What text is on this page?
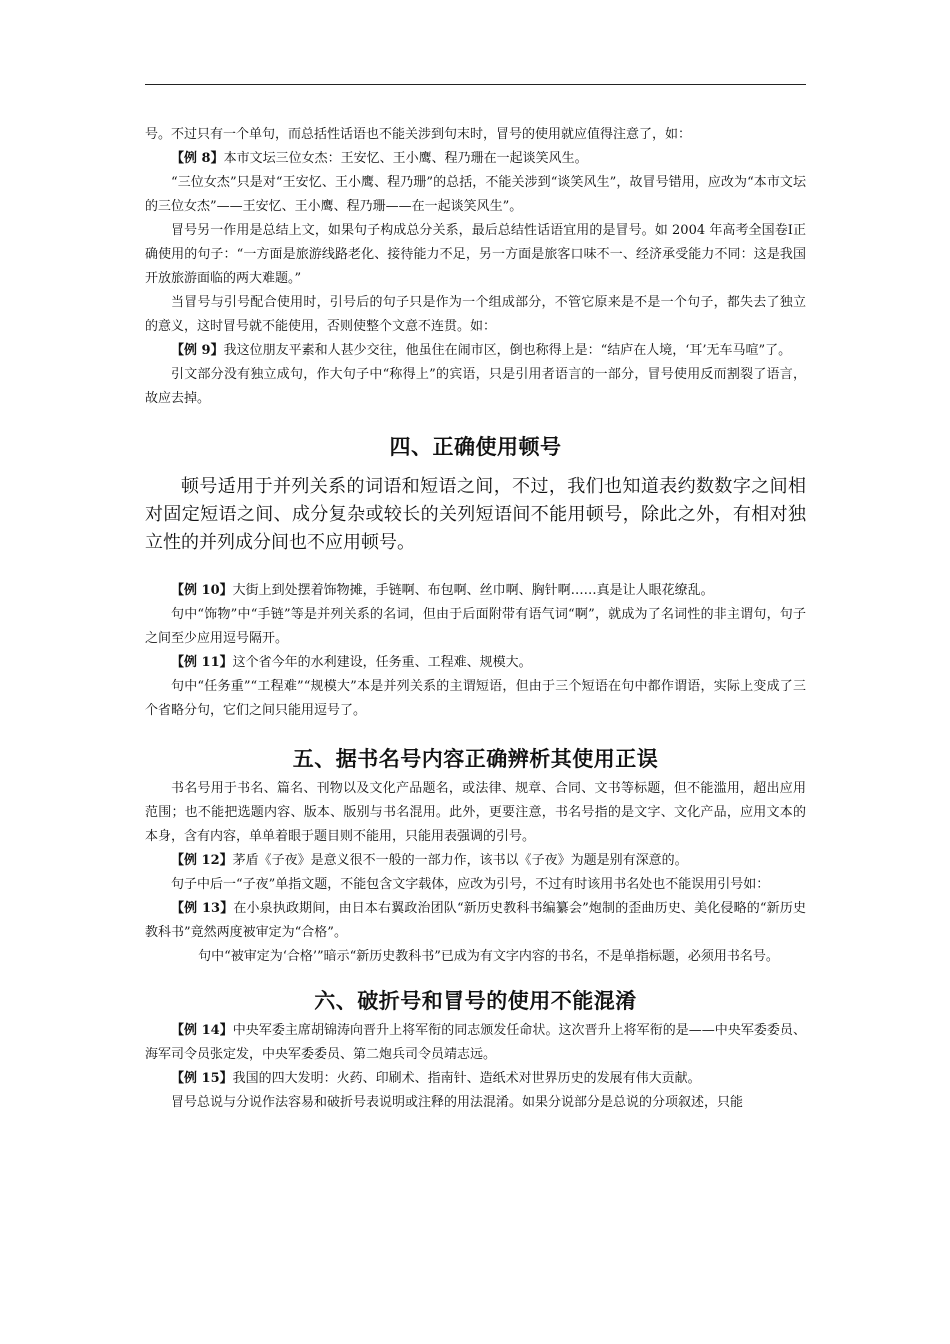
号。不过只有一个单句，而总括性话语也不能关涉到句末时，冒号的使用就应值得注意了，如：

【例 8】本市文坛三位女杰：王安忆、王小鹰、程乃珊在一起谈笑风生。

“三位女杰”只是对“王安忆、王小鹰、程乃珊”的总括，不能关涉到“谈笑风生”，故冒号错用，应改为“本市文坛的三位女杰”——王安忆、王小鹰、程乃珊——在一起谈笑风生”。

冒号另一作用是总结上文，如果句子构成总分关系，最后总结性话语宜用的是冒号。如 2004 年高考全国卷Ⅰ正确使用的句子：“一方面是旅游线路老化、接待能力不足，另一方面是旅客口味不一、经济承受能力不同：这是我国开放旅游面临的两大难题。”

当冒号与引号配合使用时，引号后的句子只是作为一个组成部分，不管它原来是不是一个句子，都失去了独立的意义，这时冒号就不能使用，否则使整个文意不连贯。如：

【例 9】我这位朋友平素和人甚少交往，他虽住在闹市区，倒也称得上是：“结庐在人境，‘耳’无车马喧”了。

引文部分没有独立成句，作大句子中“称得上”的宾语，只是引用者语言的一部分，冒号使用反而割裂了语言，故应去掉。

四、正确使用顿号

顿号适用于并列关系的词语和短语之间，不过，我们也知道表约数数字之间相对固定短语之间、成分复杂或较长的关列短语间不能用顿号，除此之外，有相对独立性的并列成分间也不应用顿号。

【例 10】大街上到处摆着饰物摊，手链啊、布包啊、丝巾啊、胸针啊……真是让人眼花缭乱。

句中“饰物”中“手链”等是并列关系的名词，但由于后面附带有语气词“啊”，就成为了名词性的非主谓句，句子之间至少应用逗号隔开。

【例 11】这个省今年的水利建设，任务重、工程难、规模大。

句中“任务重”“工程难”“规模大”本是并列关系的主谓短语，但由于三个短语在句中都作谓语，实际上变成了三个省略分句，它们之间只能用逗号了。

五、据书名号内容正确辨析其使用正误

书名号用于书名、篇名、刊物以及文化产品题名，或法律、规章、合同、文书等标题，但不能滥用，超出应用范围；也不能把选题内容、版本、版别与书名混用。此外，更要注意，书名号指的是文字、文化产品，应用文本的本身，含有内容，单单着眼于题目则不能用，只能用表强调的引号。

【例 12】茅盾《子夜》是意义很不一般的一部力作，该书以《子夜》为题是别有深意的。

句子中后一“子夜”单指文题，不能包含文字载体，应改为引号，不过有时该用书名处也不能误用引号如：

【例 13】在小泉执政期间，由日本右翼政治团队“新历史教科书编纂会”炮制的歪曲历史、美化侵略的“新历史教科书”竟然两度被审定为“合格”。

句中“被审定为‘合格’”暗示“新历史教科书”已成为有文字内容的书名，不是单指标题，必须用书名号。

六、破折号和冒号的使用不能混淆

【例 14】中央军委主席胡锦涛向晋升上将军衔的同志颁发任命状。这次晋升上将军衔的是——中央军委委员、海军司令员张定发，中央军委委员、第二炮兵司令员靖志远。

【例 15】我国的四大发明：火药、印刷术、指南针、造纸术对世界历史的发展有伟大贡献。

冒号总说与分说作法容易和破折号表说明或注释的用法混淆。如果分说部分是总说的分项叙述，只能
